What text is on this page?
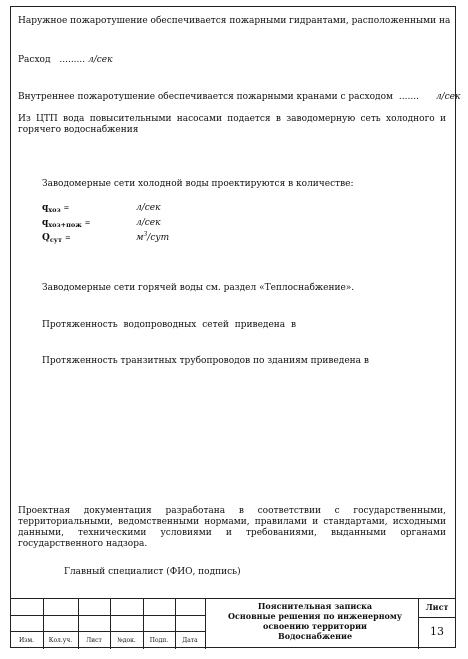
Наружное пожаротушение обеспечивается пожарными гидрантами, расположенными на
Расход ......... л/сек
Внутреннее пожаротушение обеспечивается пожарными кранами с расходом ....... л/сек
Из ЦТП вода повысительными насосами подается в заводомерную сеть холодного и горячего водоснабжения
Заводомерные сети холодной воды проектируются в количестве:
$q_{хоз}$ =	л/сек
$q_{хоз+пож}$ =	л/сек
$Q_{сут}$ =	$м^3$/сут
Заводомерные сети горячей воды см. раздел «Теплоснабжение».
Протяженность водопроводных сетей приведена в
Протяженность транзитных трубопроводов по зданиям приведена в
Проектная документация разработана в соответствии с государственными, территориальными, ведомственными нормами, правилами и стандартами, исходными данными, техническими условиями и требованиями, выданными органами государственного надзора.
Главный специалист (ФИО, подпись)
Изм.	Кол.уч.	Лист	№док.	Подп.	Дата
Пояснительная записка
Основные решения по инженерному
освоению территории
Водоснабжение
Лист
13
